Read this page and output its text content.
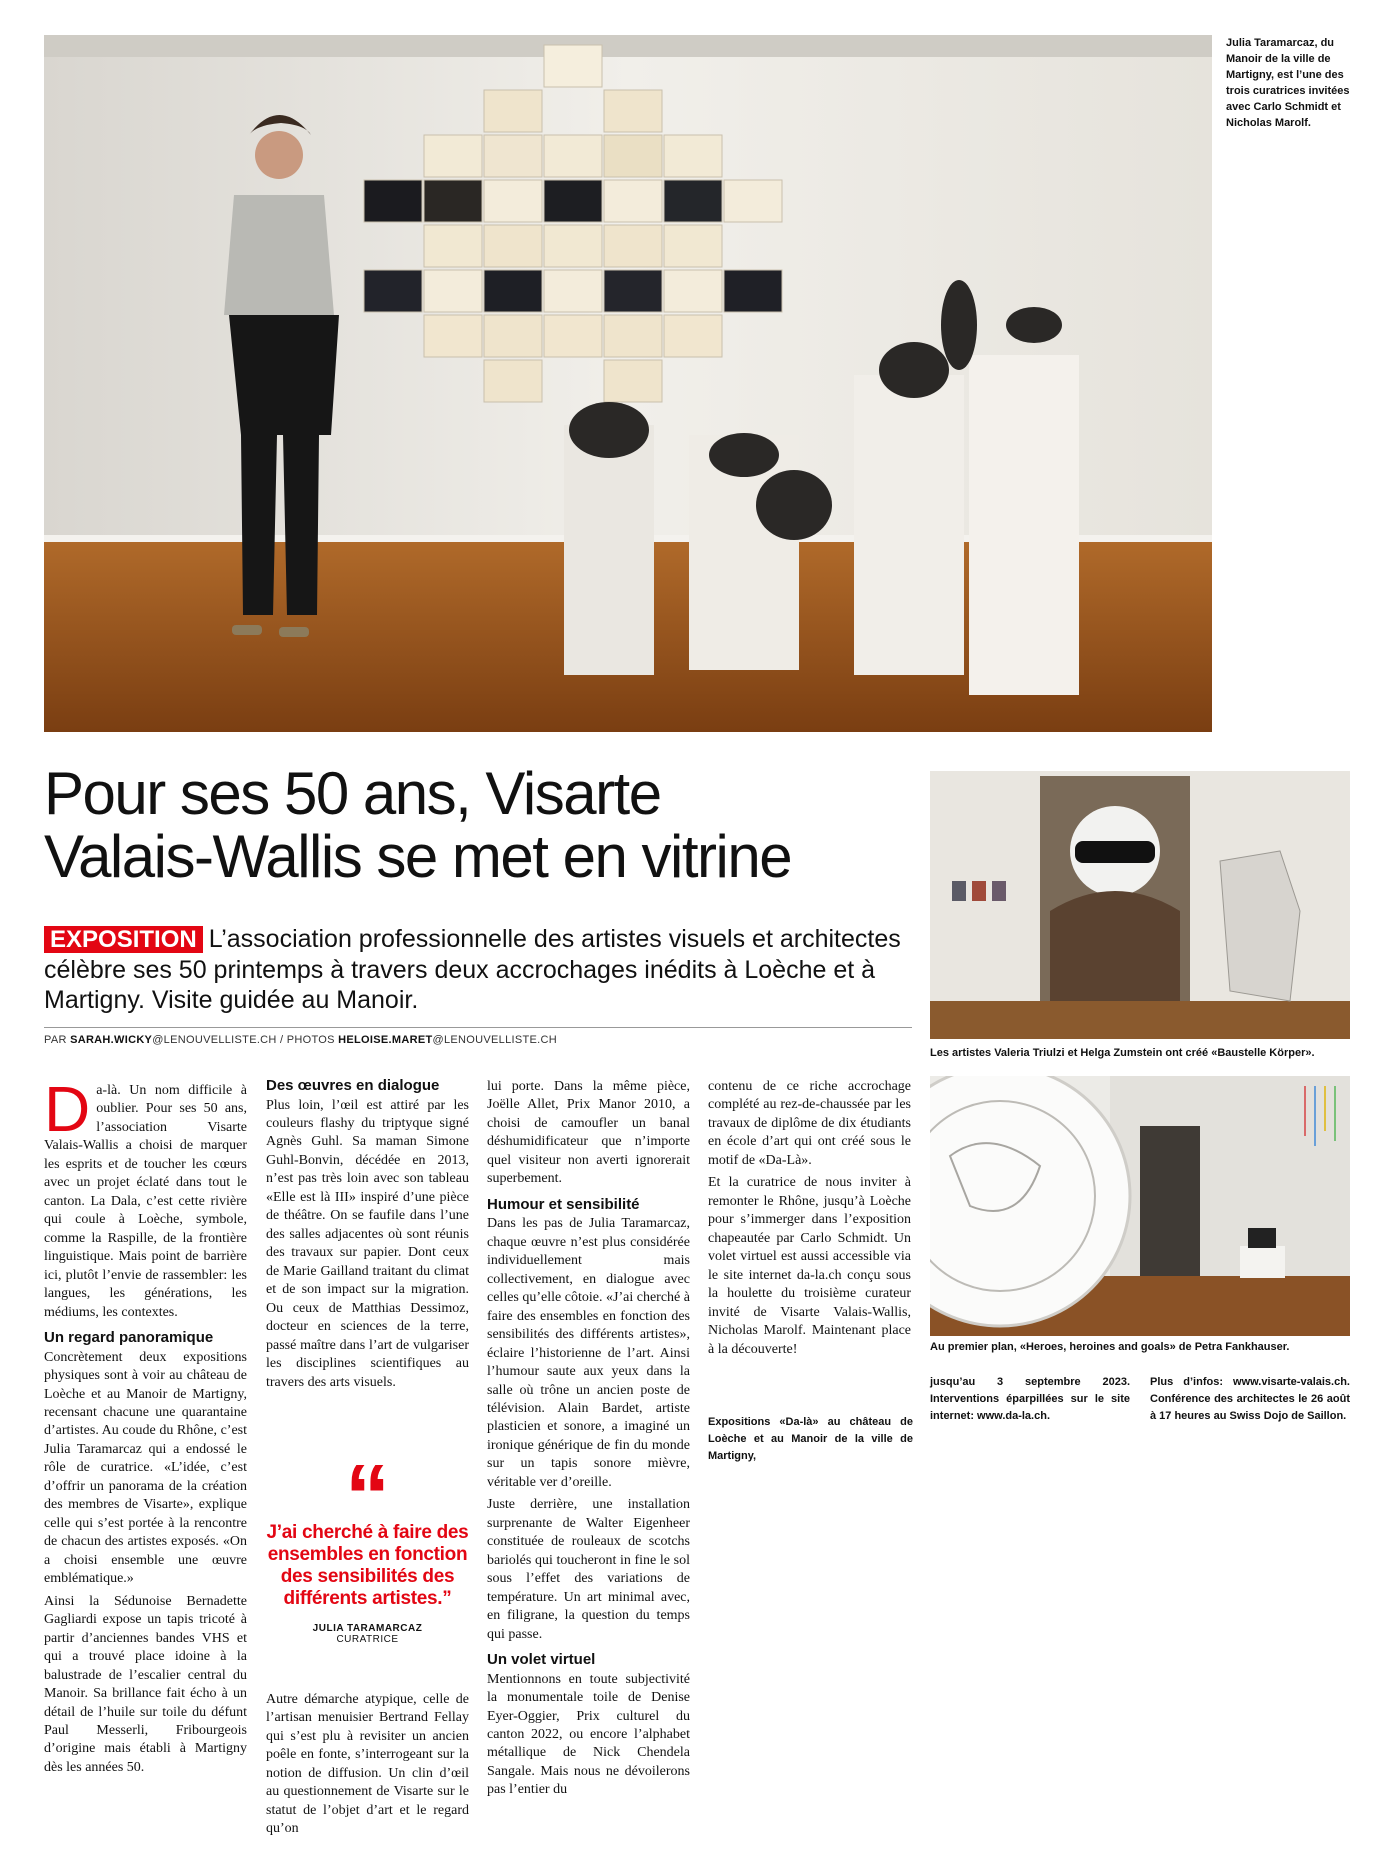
Julia Taramarcaz, du Manoir de la ville de Martigny, est l’une des trois curatrices invitées avec Carlo Schmidt et Nicholas Marolf.
Pour ses 50 ans, Visarte
Valais-Wallis se met en vitrine
EXPOSITION L’association professionnelle des artistes visuels et architectes célèbre ses 50 printemps à travers deux accrochages inédits à Loèche et à Martigny. Visite guidée au Manoir.
PAR SARAH.WICKY@LENOUVELLISTE.CH / PHOTOS HELOISE.MARET@LENOUVELLISTE.CH
Les artistes Valeria Triulzi et Helga Zumstein ont créé «Baustelle Körper».
Au premier plan, «Heroes, heroines and goals» de Petra Fankhauser.

Da-là. Un nom difficile à oublier. Pour ses 50 ans, l’association Visarte Valais-Wallis a choisi de marquer les esprits et de toucher les cœurs avec un projet éclaté dans tout le canton. La Dala, c’est cette rivière qui coule à Loèche, symbole, comme la Raspille, de la frontière linguistique. Mais point de barrière ici, plutôt l’envie de rassembler: les langues, les générations, les médiums, les contextes.

Un regard panoramique

Concrètement deux expositions physiques sont à voir au château de Loèche et au Manoir de Martigny, recensant chacune une quarantaine d’artistes. Au coude du Rhône, c’est Julia Taramarcaz qui a endossé le rôle de curatrice. «L’idée, c’est d’offrir un panorama de la création des membres de Visarte», explique celle qui s’est portée à la rencontre de chacun des artistes exposés. «On a choisi ensemble une œuvre emblématique.»

Ainsi la Sédunoise Bernadette Gagliardi expose un tapis tricoté à partir d’anciennes bandes VHS et qui a trouvé place idoine à la balustrade de l’escalier central du Manoir. Sa brillance fait écho à un détail de l’huile sur toile du défunt Paul Messerli, Fribourgeois d’origine mais établi à Martigny dès les années 50.

Des œuvres en dialogue

Plus loin, l’œil est attiré par les couleurs flashy du triptyque signé Agnès Guhl. Sa maman Simone Guhl-Bonvin, décédée en 2013, n’est pas très loin avec son tableau «Elle est là III» inspiré d’une pièce de théâtre. On se faufile dans l’une des salles adjacentes où sont réunis des travaux sur papier. Dont ceux de Marie Gailland traitant du climat et de son impact sur la migration. Ou ceux de Matthias Dessimoz, docteur en sciences de la terre, passé maître dans l’art de vulgariser les disciplines scientifiques au travers des arts visuels.

“
J’ai cherché à faire des ensembles en fonction des sensibilités des différents artistes.”
JULIA TARAMARCAZ
CURATRICE

Autre démarche atypique, celle de l’artisan menuisier Bertrand Fellay qui s’est plu à revisiter un ancien poêle en fonte, s’interrogeant sur la notion de diffusion. Un clin d’œil au questionnement de Visarte sur le statut de l’objet d’art et le regard qu’on

lui porte. Dans la même pièce, Joëlle Allet, Prix Manor 2010, a choisi de camoufler un banal déshumidificateur que n’importe quel visiteur non averti ignorerait superbement.

Humour et sensibilité

Dans les pas de Julia Taramarcaz, chaque œuvre n’est plus considérée individuellement mais collectivement, en dialogue avec celles qu’elle côtoie. «J’ai cherché à faire des ensembles en fonction des sensibilités des différents artistes», éclaire l’historienne de l’art. Ainsi l’humour saute aux yeux dans la salle où trône un ancien poste de télévision. Alain Bardet, artiste plasticien et sonore, a imaginé un ironique générique de fin du monde sur un tapis sonore mièvre, véritable ver d’oreille.

Juste derrière, une installation surprenante de Walter Eigenheer constituée de rouleaux de scotchs bariolés qui toucheront in fine le sol sous l’effet des variations de température. Un art minimal avec, en filigrane, la question du temps qui passe.

Un volet virtuel

Mentionnons en toute subjectivité la monumentale toile de Denise Eyer-Oggier, Prix culturel du canton 2022, ou encore l’alphabet métallique de Nick Chendela Sangale. Mais nous ne dévoilerons pas l’entier du

contenu de ce riche accrochage complété au rez-de-chaussée par les travaux de diplôme de dix étudiants en école d’art qui ont créé sous le motif de «Da-Là».

Et la curatrice de nous inviter à remonter le Rhône, jusqu’à Loèche pour s’immerger dans l’exposition chapeautée par Carlo Schmidt. Un volet virtuel est aussi accessible via le site internet da-la.ch conçu sous la houlette du troisième curateur invité de Visarte Valais-Wallis, Nicholas Marolf. Maintenant place à la découverte!

Expositions «Da-là» au château de Loèche et au Manoir de la ville de Martigny,
jusqu’au 3 septembre 2023. Interventions éparpillées sur le site internet: www.da-la.ch.
Plus d’infos: www.visarte-valais.ch. Conférence des architectes le 26 août à 17 heures au Swiss Dojo de Saillon.
